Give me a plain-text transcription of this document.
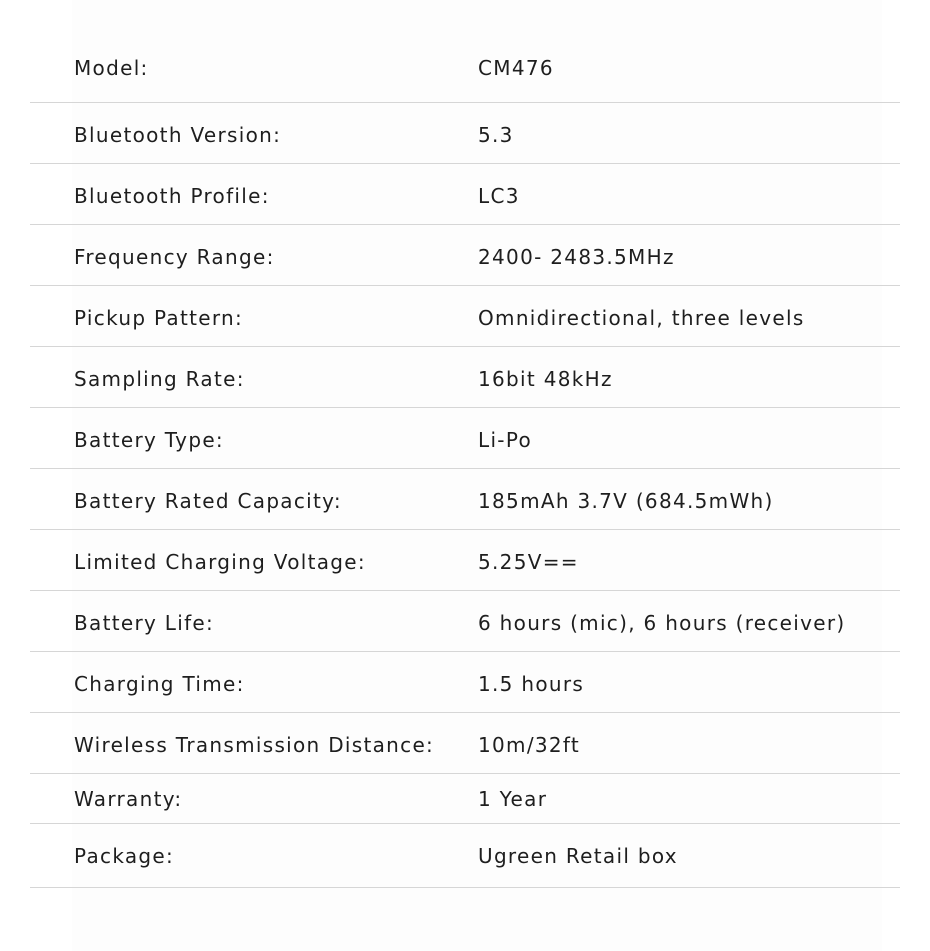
Model:	CM476
Bluetooth Version:	5.3
Bluetooth Profile:	LC3
Frequency Range:	2400- 2483.5MHz
Pickup Pattern:	Omnidirectional, three levels
Sampling Rate:	16bit 48kHz
Battery Type:	Li-Po
Battery Rated Capacity:	185mAh 3.7V (684.5mWh)
Limited Charging Voltage:	5.25V==
Battery Life:	6 hours (mic), 6 hours (receiver)
Charging Time:	1.5 hours
Wireless Transmission Distance: 10m/32ft
Warranty:	1 Year
Package:	Ugreen Retail box
